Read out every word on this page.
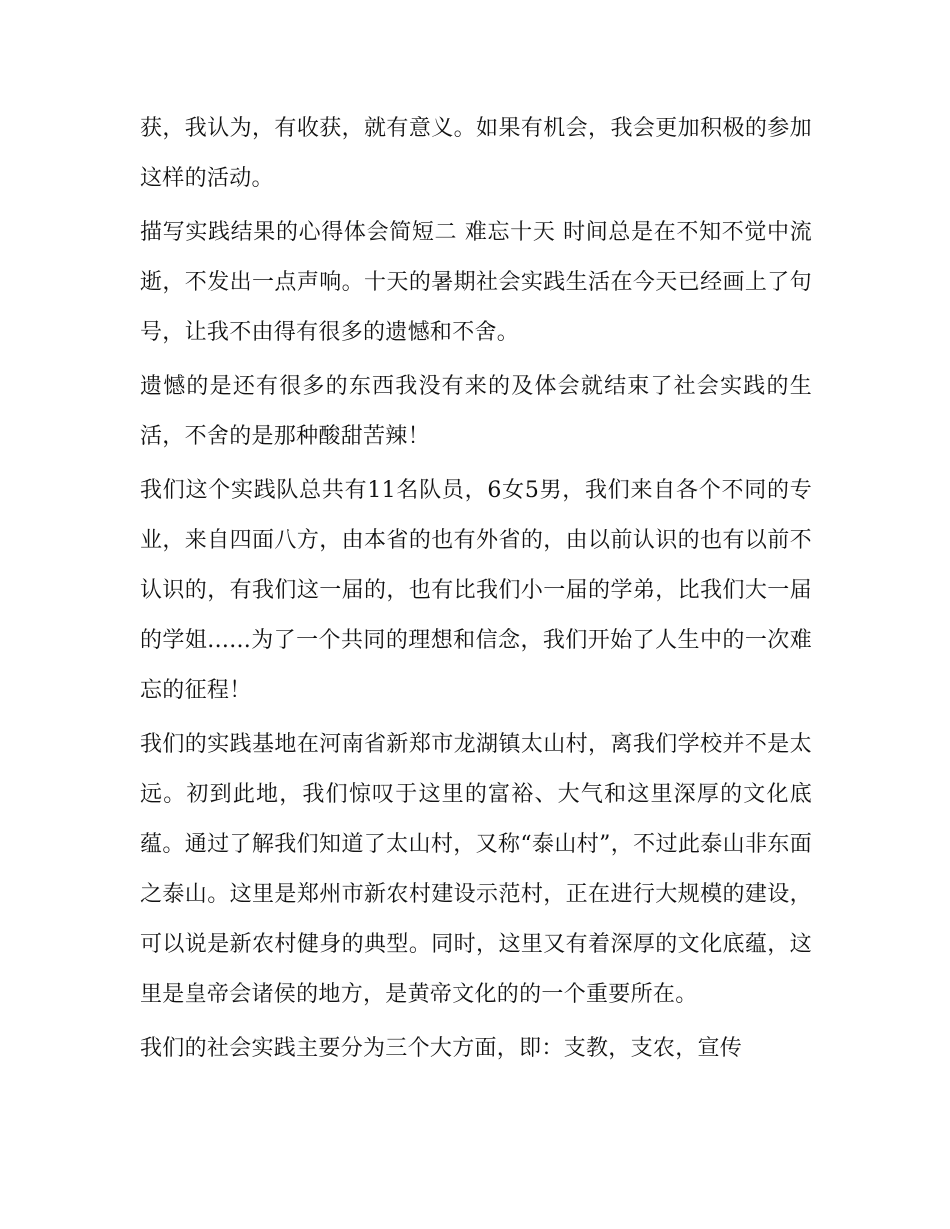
获，我认为，有收获，就有意义。如果有机会，我会更加积极的参加这样的活动。

描写实践结果的心得体会简短二 难忘十天 时间总是在不知不觉中流逝，不发出一点声响。十天的暑期社会实践生活在今天已经画上了句号，让我不由得有很多的遗憾和不舍。

遗憾的是还有很多的东西我没有来的及体会就结束了社会实践的生活，不舍的是那种酸甜苦辣！

我们这个实践队总共有11名队员，6女5男，我们来自各个不同的专业，来自四面八方，由本省的也有外省的，由以前认识的也有以前不认识的，有我们这一届的，也有比我们小一届的学弟，比我们大一届的学姐......为了一个共同的理想和信念，我们开始了人生中的一次难忘的征程！

我们的实践基地在河南省新郑市龙湖镇太山村，离我们学校并不是太远。初到此地，我们惊叹于这里的富裕、大气和这里深厚的文化底蕴。通过了解我们知道了太山村，又称“泰山村”，不过此泰山非东面之泰山。这里是郑州市新农村建设示范村，正在进行大规模的建设，可以说是新农村健身的典型。同时，这里又有着深厚的文化底蕴，这里是皇帝会诸侯的地方，是黄帝文化的的一个重要所在。

我们的社会实践主要分为三个大方面，即：支教，支农，宣传
